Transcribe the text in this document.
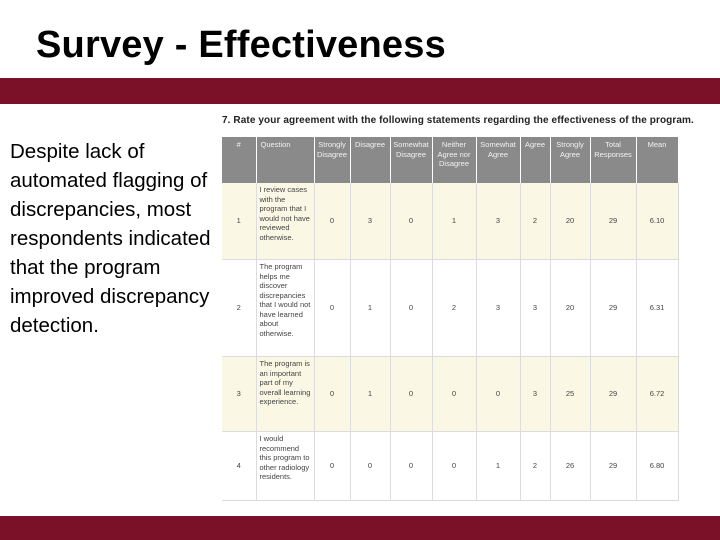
Survey - Effectiveness
Despite lack of automated flagging of discrepancies, most respondents indicated that the program improved discrepancy detection.
7. Rate your agreement with the following statements regarding the effectiveness of the program.
#	Question	Strongly Disagree	Disagree	Somewhat Disagree	Neither Agree nor Disagree	Somewhat Agree	Agree	Strongly Agree	Total Responses	Mean
1	I review cases with the program that I would not have reviewed otherwise.	0	3	0	1	3	2	20	29	6.10
2	The program helps me discover discrepancies that I would not have learned about otherwise.	0	1	0	2	3	3	20	29	6.31
3	The program is an important part of my overall learning experience.	0	1	0	0	0	3	25	29	6.72
4	I would recommend this program to other radiology residents.	0	0	0	0	1	2	26	29	6.80
